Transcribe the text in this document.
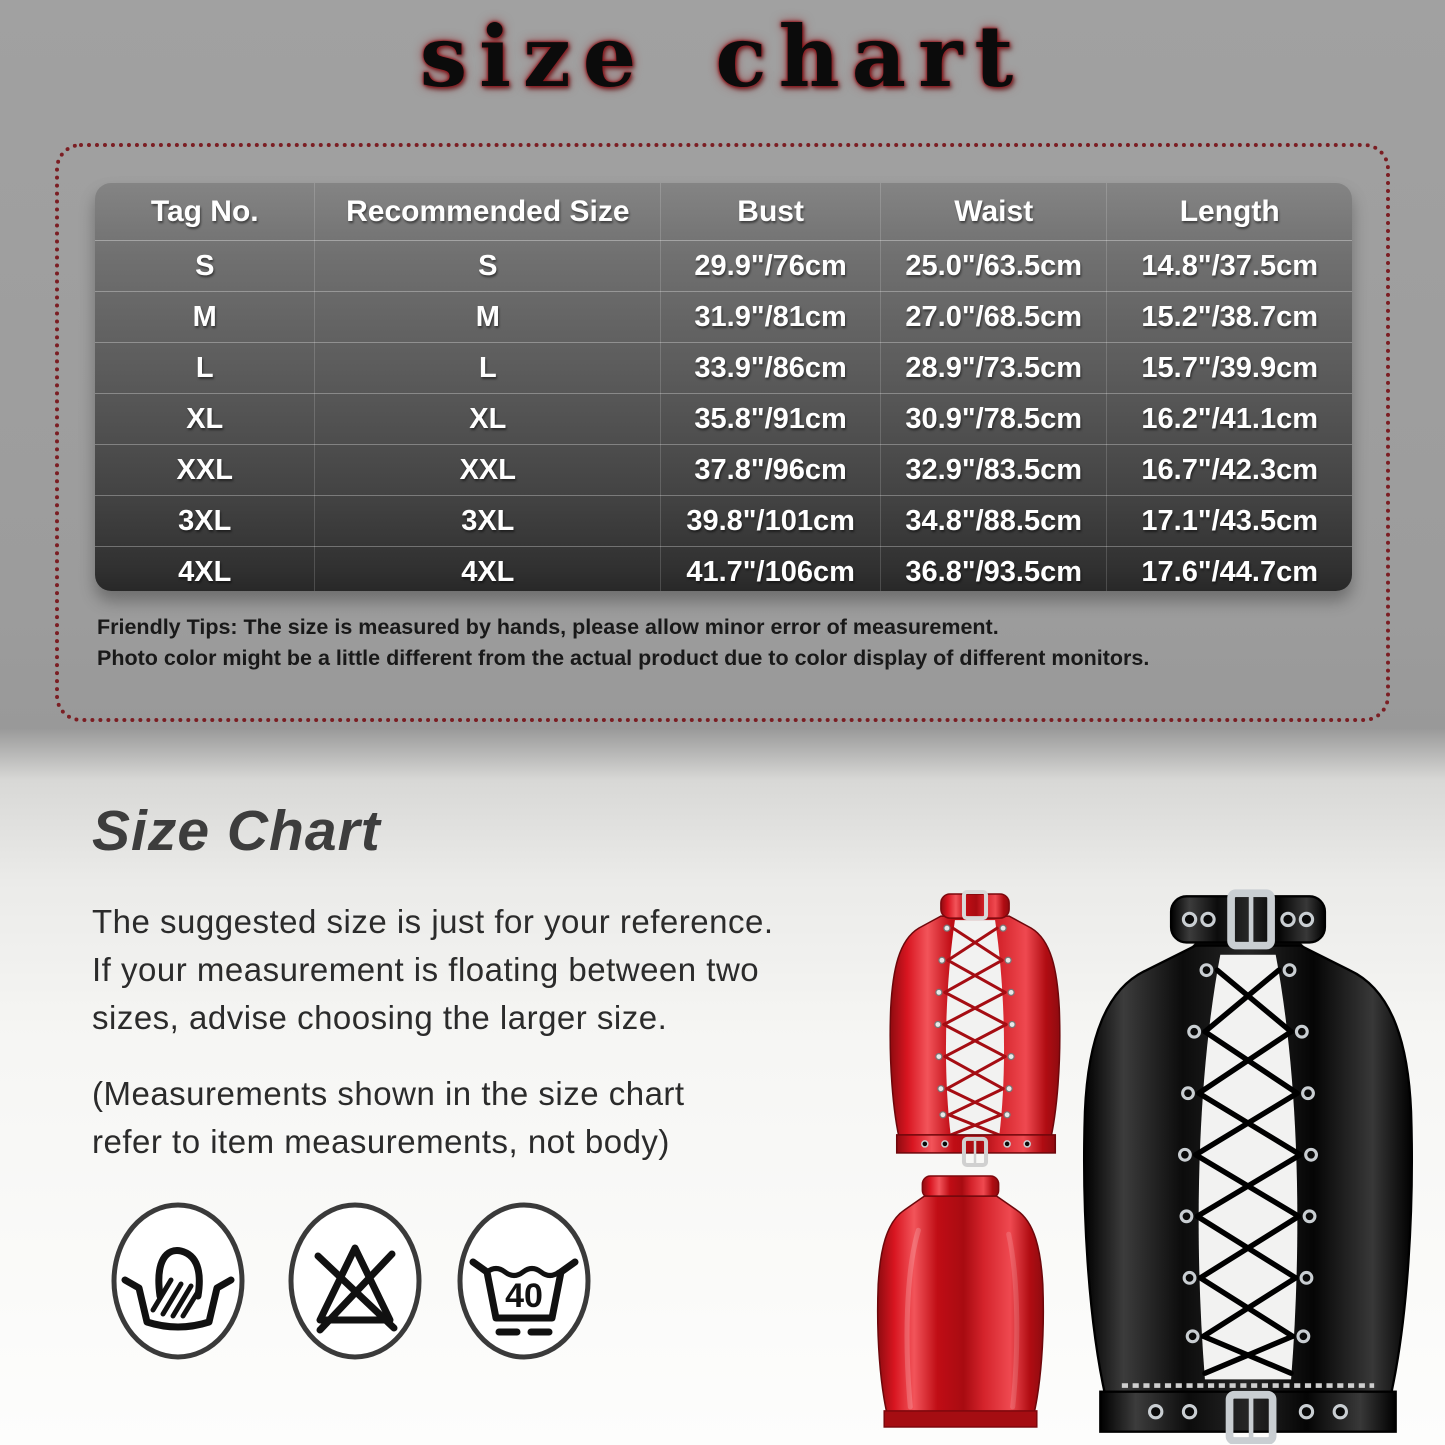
size chart
Tag No.	Recommended Size	Bust	Waist	Length
S	S	29.9"/76cm	25.0"/63.5cm	14.8"/37.5cm
M	M	31.9"/81cm	27.0"/68.5cm	15.2"/38.7cm
L	L	33.9"/86cm	28.9"/73.5cm	15.7"/39.9cm
XL	XL	35.8"/91cm	30.9"/78.5cm	16.2"/41.1cm
XXL	XXL	37.8"/96cm	32.9"/83.5cm	16.7"/42.3cm
3XL	3XL	39.8"/101cm	34.8"/88.5cm	17.1"/43.5cm
4XL	4XL	41.7"/106cm	36.8"/93.5cm	17.6"/44.7cm
Friendly Tips: The size is measured by hands, please allow minor error of measurement.
Photo color might be a little different from the actual product due to color display of different monitors.
Size Chart
The suggested size is just for your reference.
If your measurement is floating between two
sizes, advise choosing the larger size.
(Measurements shown in the size chart
refer to item measurements, not body)
40
